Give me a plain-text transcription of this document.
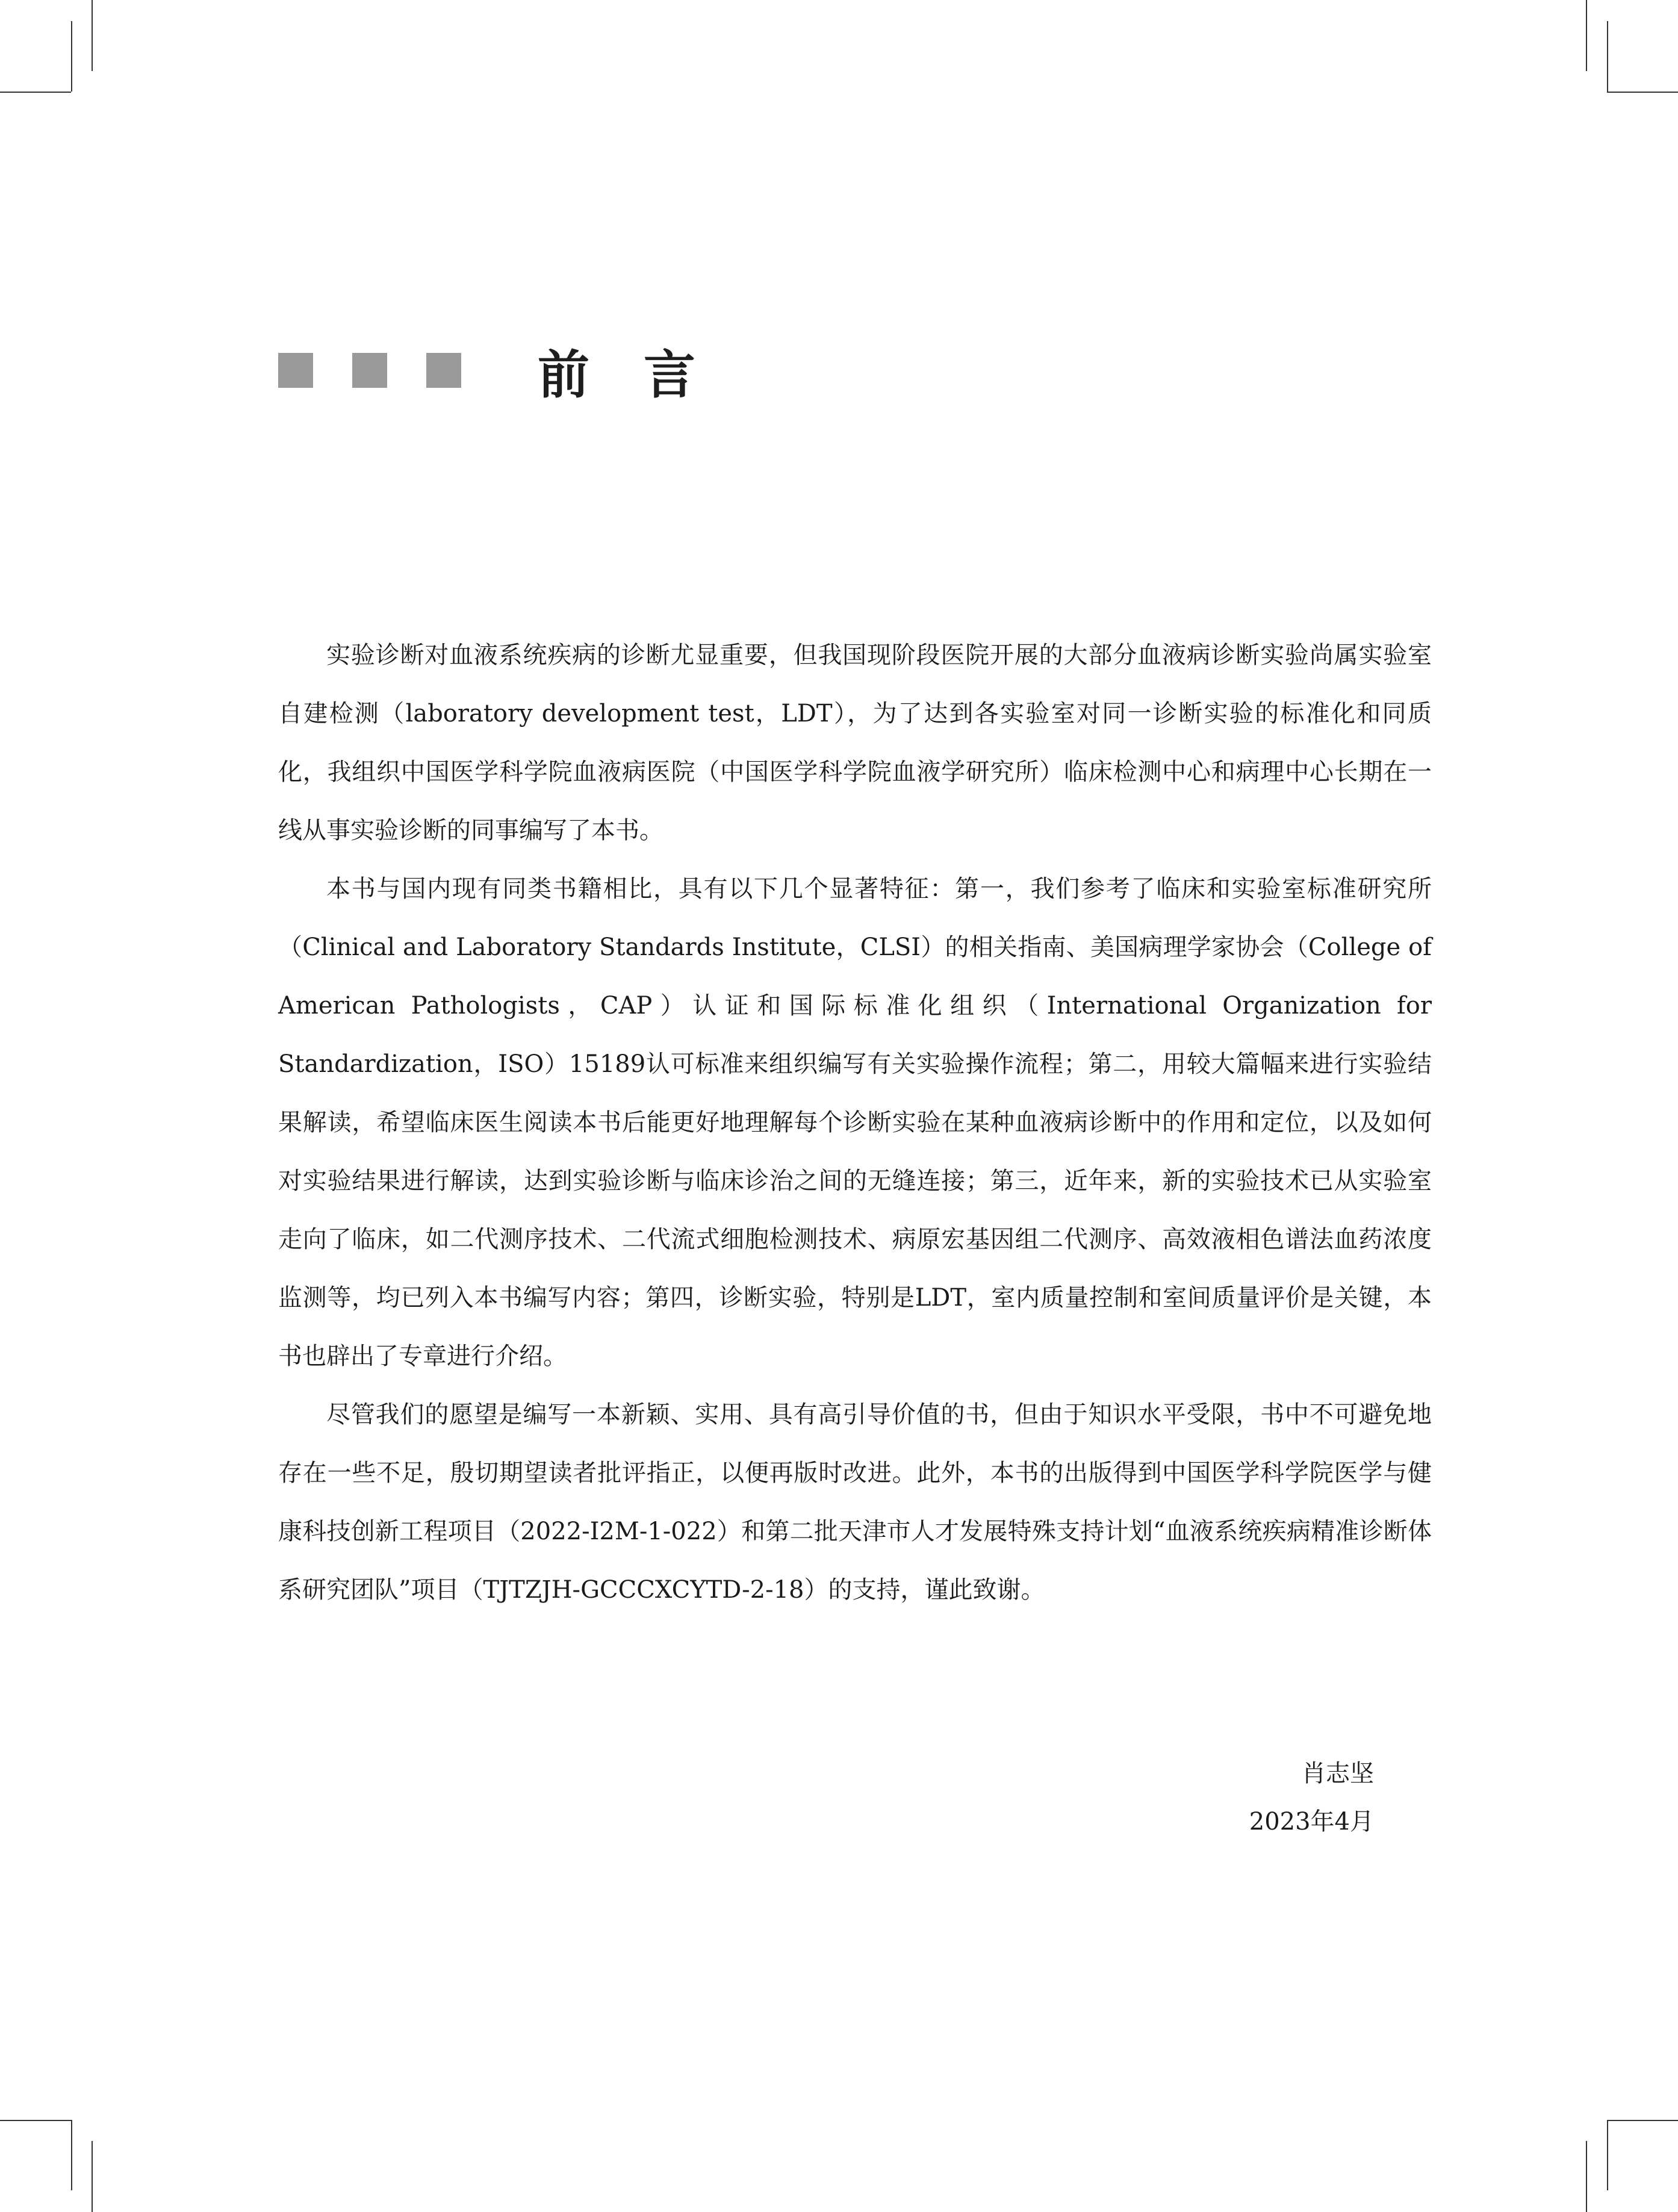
前言

实验诊断对血液系统疾病的诊断尤显重要，但我国现阶段医院开展的大部分血液病诊断实验尚属实验室自建检测（laboratory development test，LDT），为了达到各实验室对同一诊断实验的标准化和同质化，我组织中国医学科学院血液病医院（中国医学科学院血液学研究所）临床检测中心和病理中心长期在一线从事实验诊断的同事编写了本书。

本书与国内现有同类书籍相比，具有以下几个显著特征：第一，我们参考了临床和实验室标准研究所（Clinical and Laboratory Standards Institute，CLSI）的相关指南、美国病理学家协会（College of American Pathologists，CAP）认证和国际标准化组织（International Organization for Standardization，ISO）15189认可标准来组织编写有关实验操作流程；第二，用较大篇幅来进行实验结果解读，希望临床医生阅读本书后能更好地理解每个诊断实验在某种血液病诊断中的作用和定位，以及如何对实验结果进行解读，达到实验诊断与临床诊治之间的无缝连接；第三，近年来，新的实验技术已从实验室走向了临床，如二代测序技术、二代流式细胞检测技术、病原宏基因组二代测序、高效液相色谱法血药浓度监测等，均已列入本书编写内容；第四，诊断实验，特别是LDT，室内质量控制和室间质量评价是关键，本书也辟出了专章进行介绍。

尽管我们的愿望是编写一本新颖、实用、具有高引导价值的书，但由于知识水平受限，书中不可避免地存在一些不足，殷切期望读者批评指正，以便再版时改进。此外，本书的出版得到中国医学科学院医学与健康科技创新工程项目（2022-I2M-1-022）和第二批天津市人才发展特殊支持计划“血液系统疾病精准诊断体系研究团队”项目（TJTZJH-GCCCXCYTD-2-18）的支持，谨此致谢。

肖志坚
2023年4月
